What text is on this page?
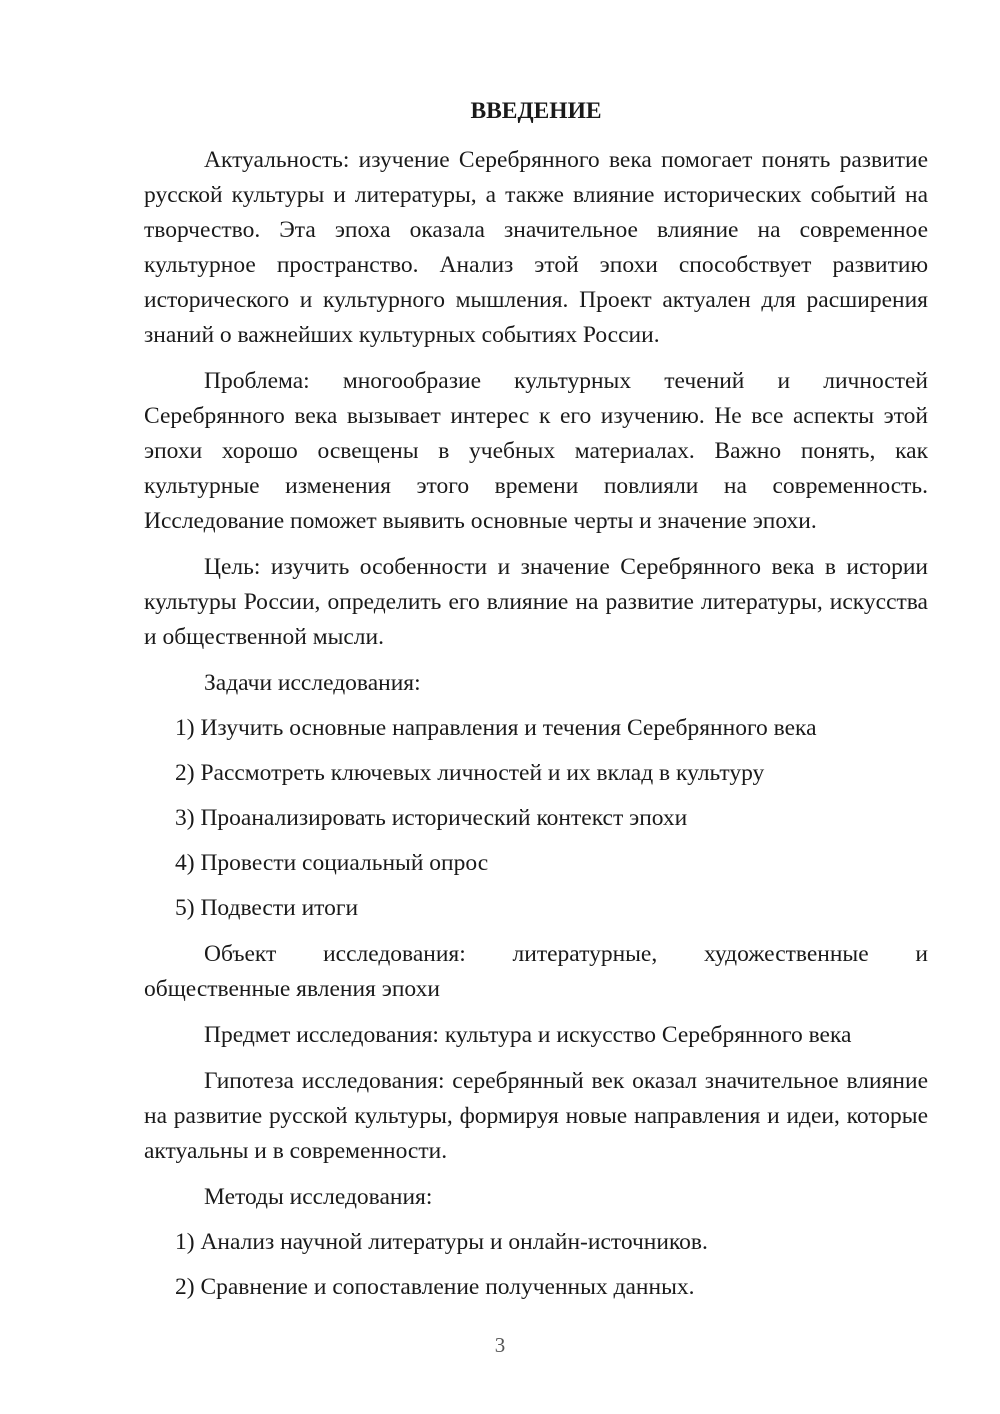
ВВЕДЕНИЕ

Актуальность: изучение Серебрянного века помогает понять развитие русской культуры и литературы, а также влияние исторических событий на творчество. Эта эпоха оказала значительное влияние на современное культурное пространство. Анализ этой эпохи способствует развитию исторического и культурного мышления. Проект актуален для расширения знаний о важнейших культурных событиях России.

Проблема: многообразие культурных течений и личностей Серебрянного века вызывает интерес к его изучению. Не все аспекты этой эпохи хорошо освещены в учебных материалах. Важно понять, как культурные изменения этого времени повлияли на современность. Исследование поможет выявить основные черты и значение эпохи.

Цель: изучить особенности и значение Серебрянного века в истории культуры России, определить его влияние на развитие литературы, искусства и общественной мысли.

Задачи исследования:

1) Изучить основные направления и течения Серебрянного века

2) Рассмотреть ключевых личностей и их вклад в культуру

3) Проанализировать исторический контекст эпохи

4) Провести социальный опрос

5) Подвести итоги

Объект исследования: литературные, художественные и

общественные явления эпохи

Предмет исследования: культура и искусство Серебрянного века

Гипотеза исследования: серебрянный век оказал значительное влияние на развитие русской культуры, формируя новые направления и идеи, которые актуальны и в современности.

Методы исследования:

1) Анализ научной литературы и онлайн-источников.

2) Сравнение и сопоставление полученных данных.

3
